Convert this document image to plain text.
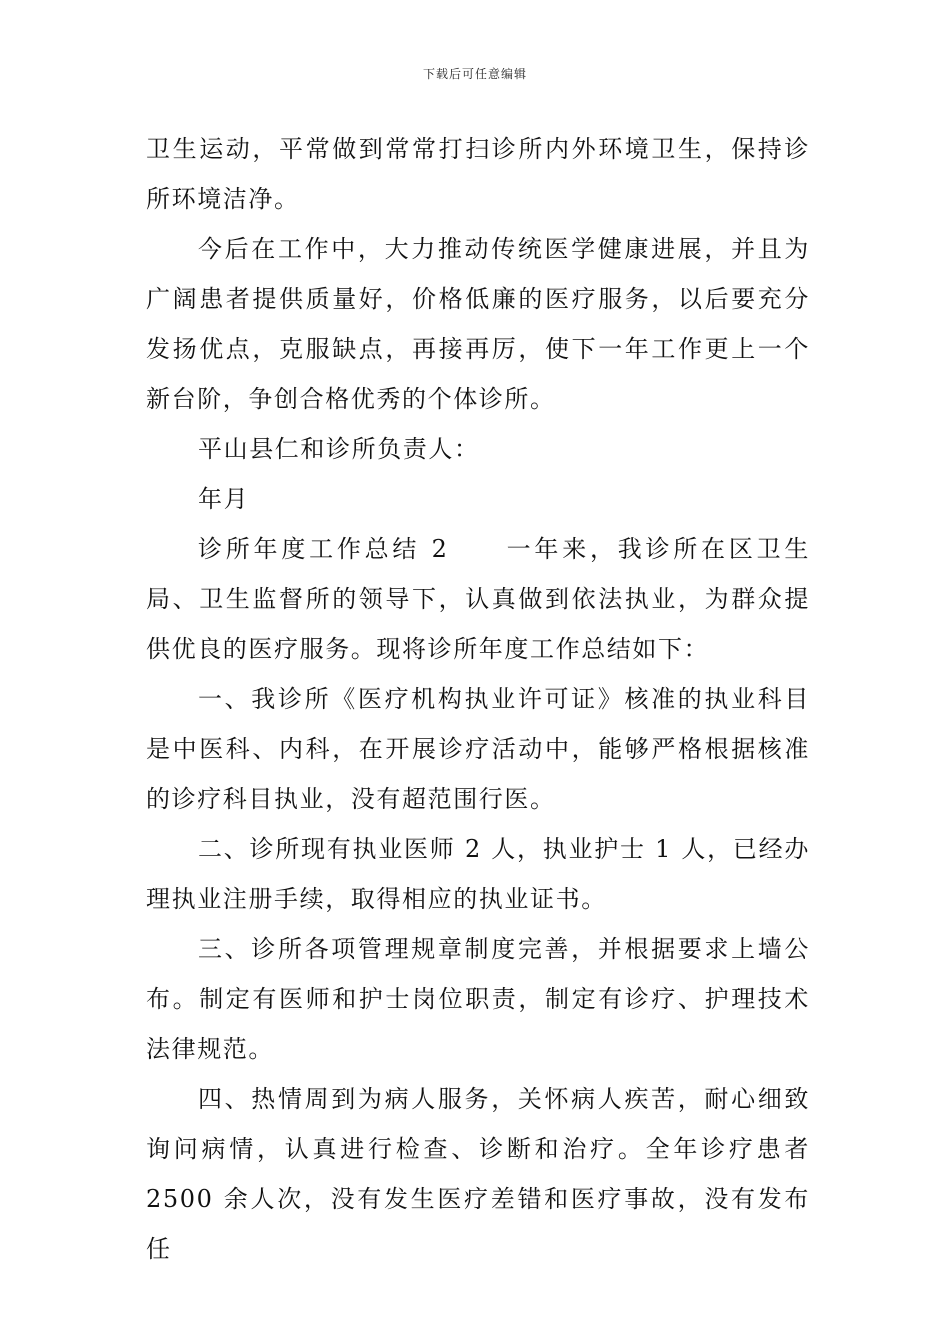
下载后可任意编辑

卫生运动，平常做到常常打扫诊所内外环境卫生，保持诊所环境洁净。

今后在工作中，大力推动传统医学健康进展，并且为广阔患者提供质量好，价格低廉的医疗服务，以后要充分发扬优点，克服缺点，再接再厉，使下一年工作更上一个新台阶，争创合格优秀的个体诊所。

平山县仁和诊所负责人：

年月

诊所年度工作总结 2 一年来，我诊所在区卫生局、卫生监督所的领导下，认真做到依法执业，为群众提供优良的医疗服务。现将诊所年度工作总结如下：

一、我诊所《医疗机构执业许可证》核准的执业科目是中医科、内科，在开展诊疗活动中，能够严格根据核准的诊疗科目执业，没有超范围行医。

二、诊所现有执业医师 2 人，执业护士 1 人，已经办理执业注册手续，取得相应的执业证书。

三、诊所各项管理规章制度完善，并根据要求上墙公布。制定有医师和护士岗位职责，制定有诊疗、护理技术法律规范。

四、热情周到为病人服务，关怀病人疾苦，耐心细致询问病情，认真进行检查、诊断和治疗。全年诊疗患者 2500 余人次，没有发生医疗差错和医疗事故，没有发布任
